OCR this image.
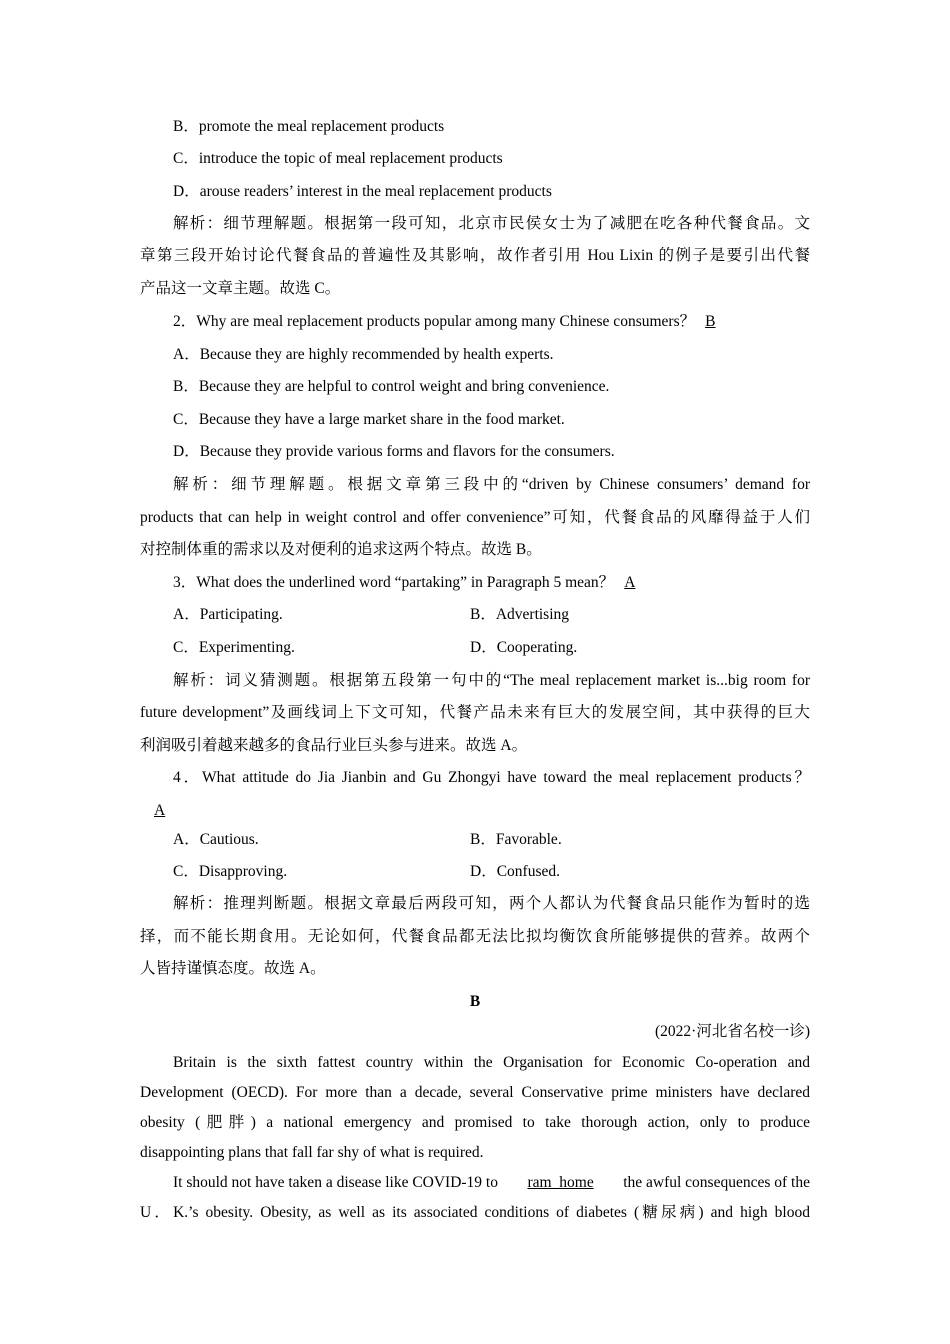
B．promote the meal replacement products
C．introduce the topic of meal replacement products
D．arouse readers’ interest in the meal replacement products
解析：细节理解题。根据第一段可知，北京市民侯女士为了减肥在吃各种代餐食品。文
章第三段开始讨论代餐食品的普遍性及其影响，故作者引用 Hou Lixin 的例子是要引出代餐
产品这一文章主题。故选 C。
2．Why are meal replacement products popular among many Chinese consumers？ B
A．Because they are highly recommended by health experts.
B．Because they are helpful to control weight and bring convenience.
C．Because they have a large market share in the food market.
D．Because they provide various forms and flavors for the consumers.
解析：细节理解题。根据文章第三段中的“driven by Chinese consumers’ demand for
products that can help in weight control and offer convenience”可知，代餐食品的风靡得益于人们
对控制体重的需求以及对便利的追求这两个特点。故选 B。
3．What does the underlined word “partaking” in Paragraph 5 mean？ A
A．Participating.	B．Advertising
C．Experimenting.	D．Cooperating.
解析：词义猜测题。根据第五段第一句中的“The meal replacement market is...big room for
future development”及画线词上下文可知，代餐产品未来有巨大的发展空间，其中获得的巨大
利润吸引着越来越多的食品行业巨头参与进来。故选 A。
4．What attitude do Jia Jianbin and Gu Zhongyi have toward the meal replacement products？
A
A．Cautious.	B．Favorable.
C．Disapproving.	D．Confused.
解析：推理判断题。根据文章最后两段可知，两个人都认为代餐食品只能作为暂时的选
择，而不能长期食用。无论如何，代餐食品都无法比拟均衡饮食所能够提供的营养。故两个
人皆持谨慎态度。故选 A。
B
(2022·河北省名校一诊)
Britain is the sixth fattest country within the Organisation for Economic Co-operation and
Development (OECD). For more than a decade, several Conservative prime ministers have declared
obesity (肥胖) a national emergency and promised to take thorough action, only to produce
disappointing plans that fall far shy of what is required.
It should not have taken a disease like COVID-19 to ram  home the awful consequences of the
U．K.’s obesity. Obesity, as well as its associated conditions of diabetes (糖尿病) and high blood
